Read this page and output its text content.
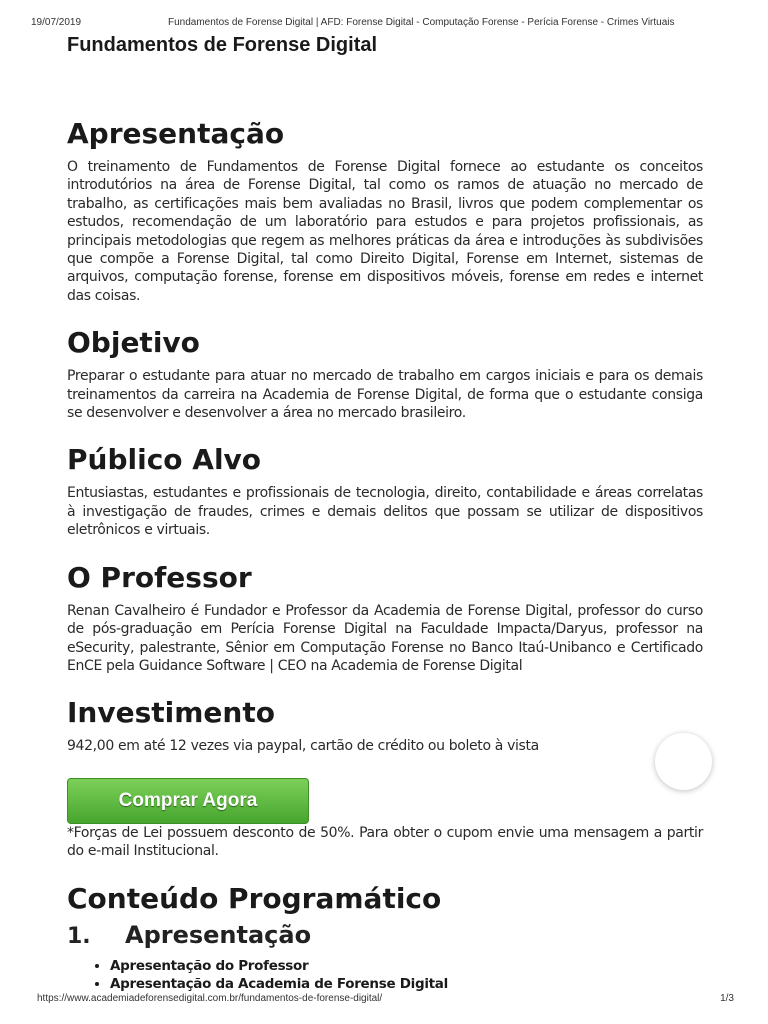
19/07/2019	Fundamentos de Forense Digital | AFD: Forense Digital - Computação Forense - Perícia Forense - Crimes Virtuais
Fundamentos de Forense Digital
Apresentação

O treinamento de Fundamentos de Forense Digital fornece ao estudante os conceitos introdutórios na área de Forense Digital, tal como os ramos de atuação no mercado de trabalho, as certificações mais bem avaliadas no Brasil, livros que podem complementar os estudos, recomendação de um laboratório para estudos e para projetos profissionais, as principais metodologias que regem as melhores práticas da área e introduções às subdivisões que compõe a Forense Digital, tal como Direito Digital, Forense em Internet, sistemas de arquivos, computação forense, forense em dispositivos móveis, forense em redes e internet das coisas.

Objetivo

Preparar o estudante para atuar no mercado de trabalho em cargos iniciais e para os demais treinamentos da carreira na Academia de Forense Digital, de forma que o estudante consiga se desenvolver e desenvolver a área no mercado brasileiro.

Público Alvo

Entusiastas, estudantes e profissionais de tecnologia, direito, contabilidade e áreas correlatas à investigação de fraudes, crimes e demais delitos que possam se utilizar de dispositivos eletrônicos e virtuais.

O Professor

Renan Cavalheiro é Fundador e Professor da Academia de Forense Digital, professor do curso de pós-graduação em Perícia Forense Digital na Faculdade Impacta/Daryus, professor na eSecurity, palestrante, Sênior em Computação Forense no Banco Itaú-Unibanco e Certificado EnCE pela Guidance Software | CEO na Academia de Forense Digital

Investimento

942,00 em até 12 vezes via paypal, cartão de crédito ou boleto à vista

Comprar Agora

*Forças de Lei possuem desconto de 50%. Para obter o cupom envie uma mensagem a partir do e-mail Institucional.

Conteúdo Programático
1.	Apresentação
• Apresentação do Professor
• Apresentação da Academia de Forense Digital
https://www.academiadeforensedigital.com.br/fundamentos-de-forense-digital/	1/3
